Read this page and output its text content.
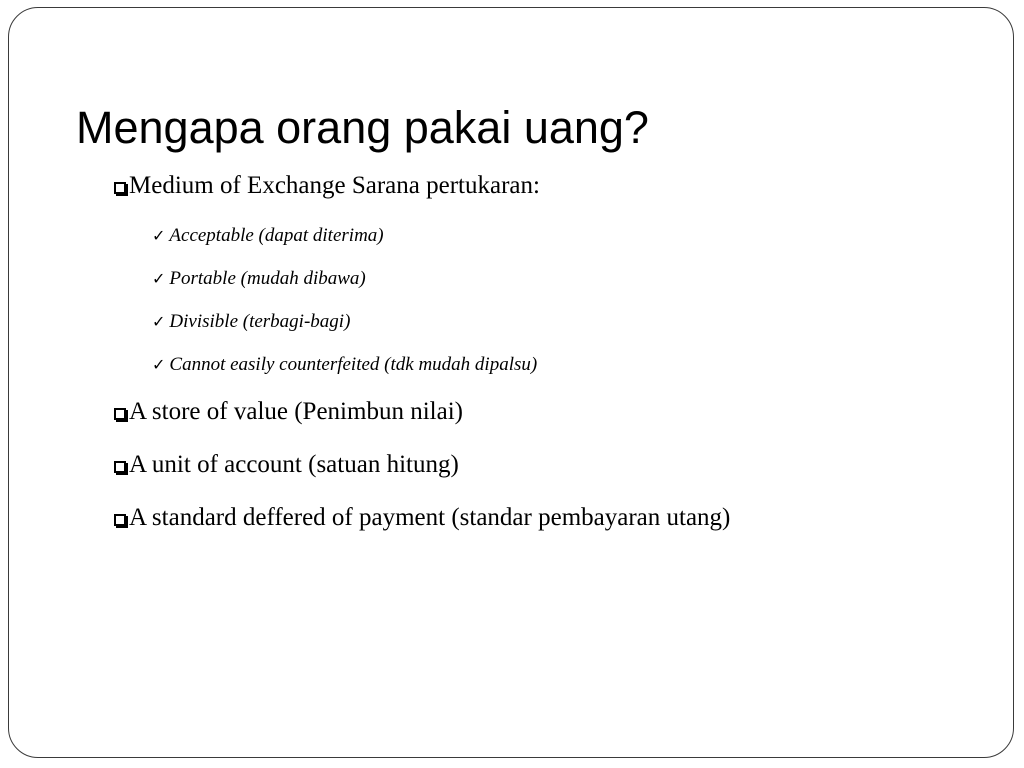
Mengapa orang pakai uang?
Medium of Exchange Sarana pertukaran:
✓ Acceptable (dapat diterima)
✓ Portable (mudah dibawa)
✓ Divisible (terbagi-bagi)
✓ Cannot easily counterfeited (tdk mudah dipalsu)
A store of value (Penimbun nilai)
A unit of account (satuan hitung)
A standard deffered of payment (standar pembayaran utang)
